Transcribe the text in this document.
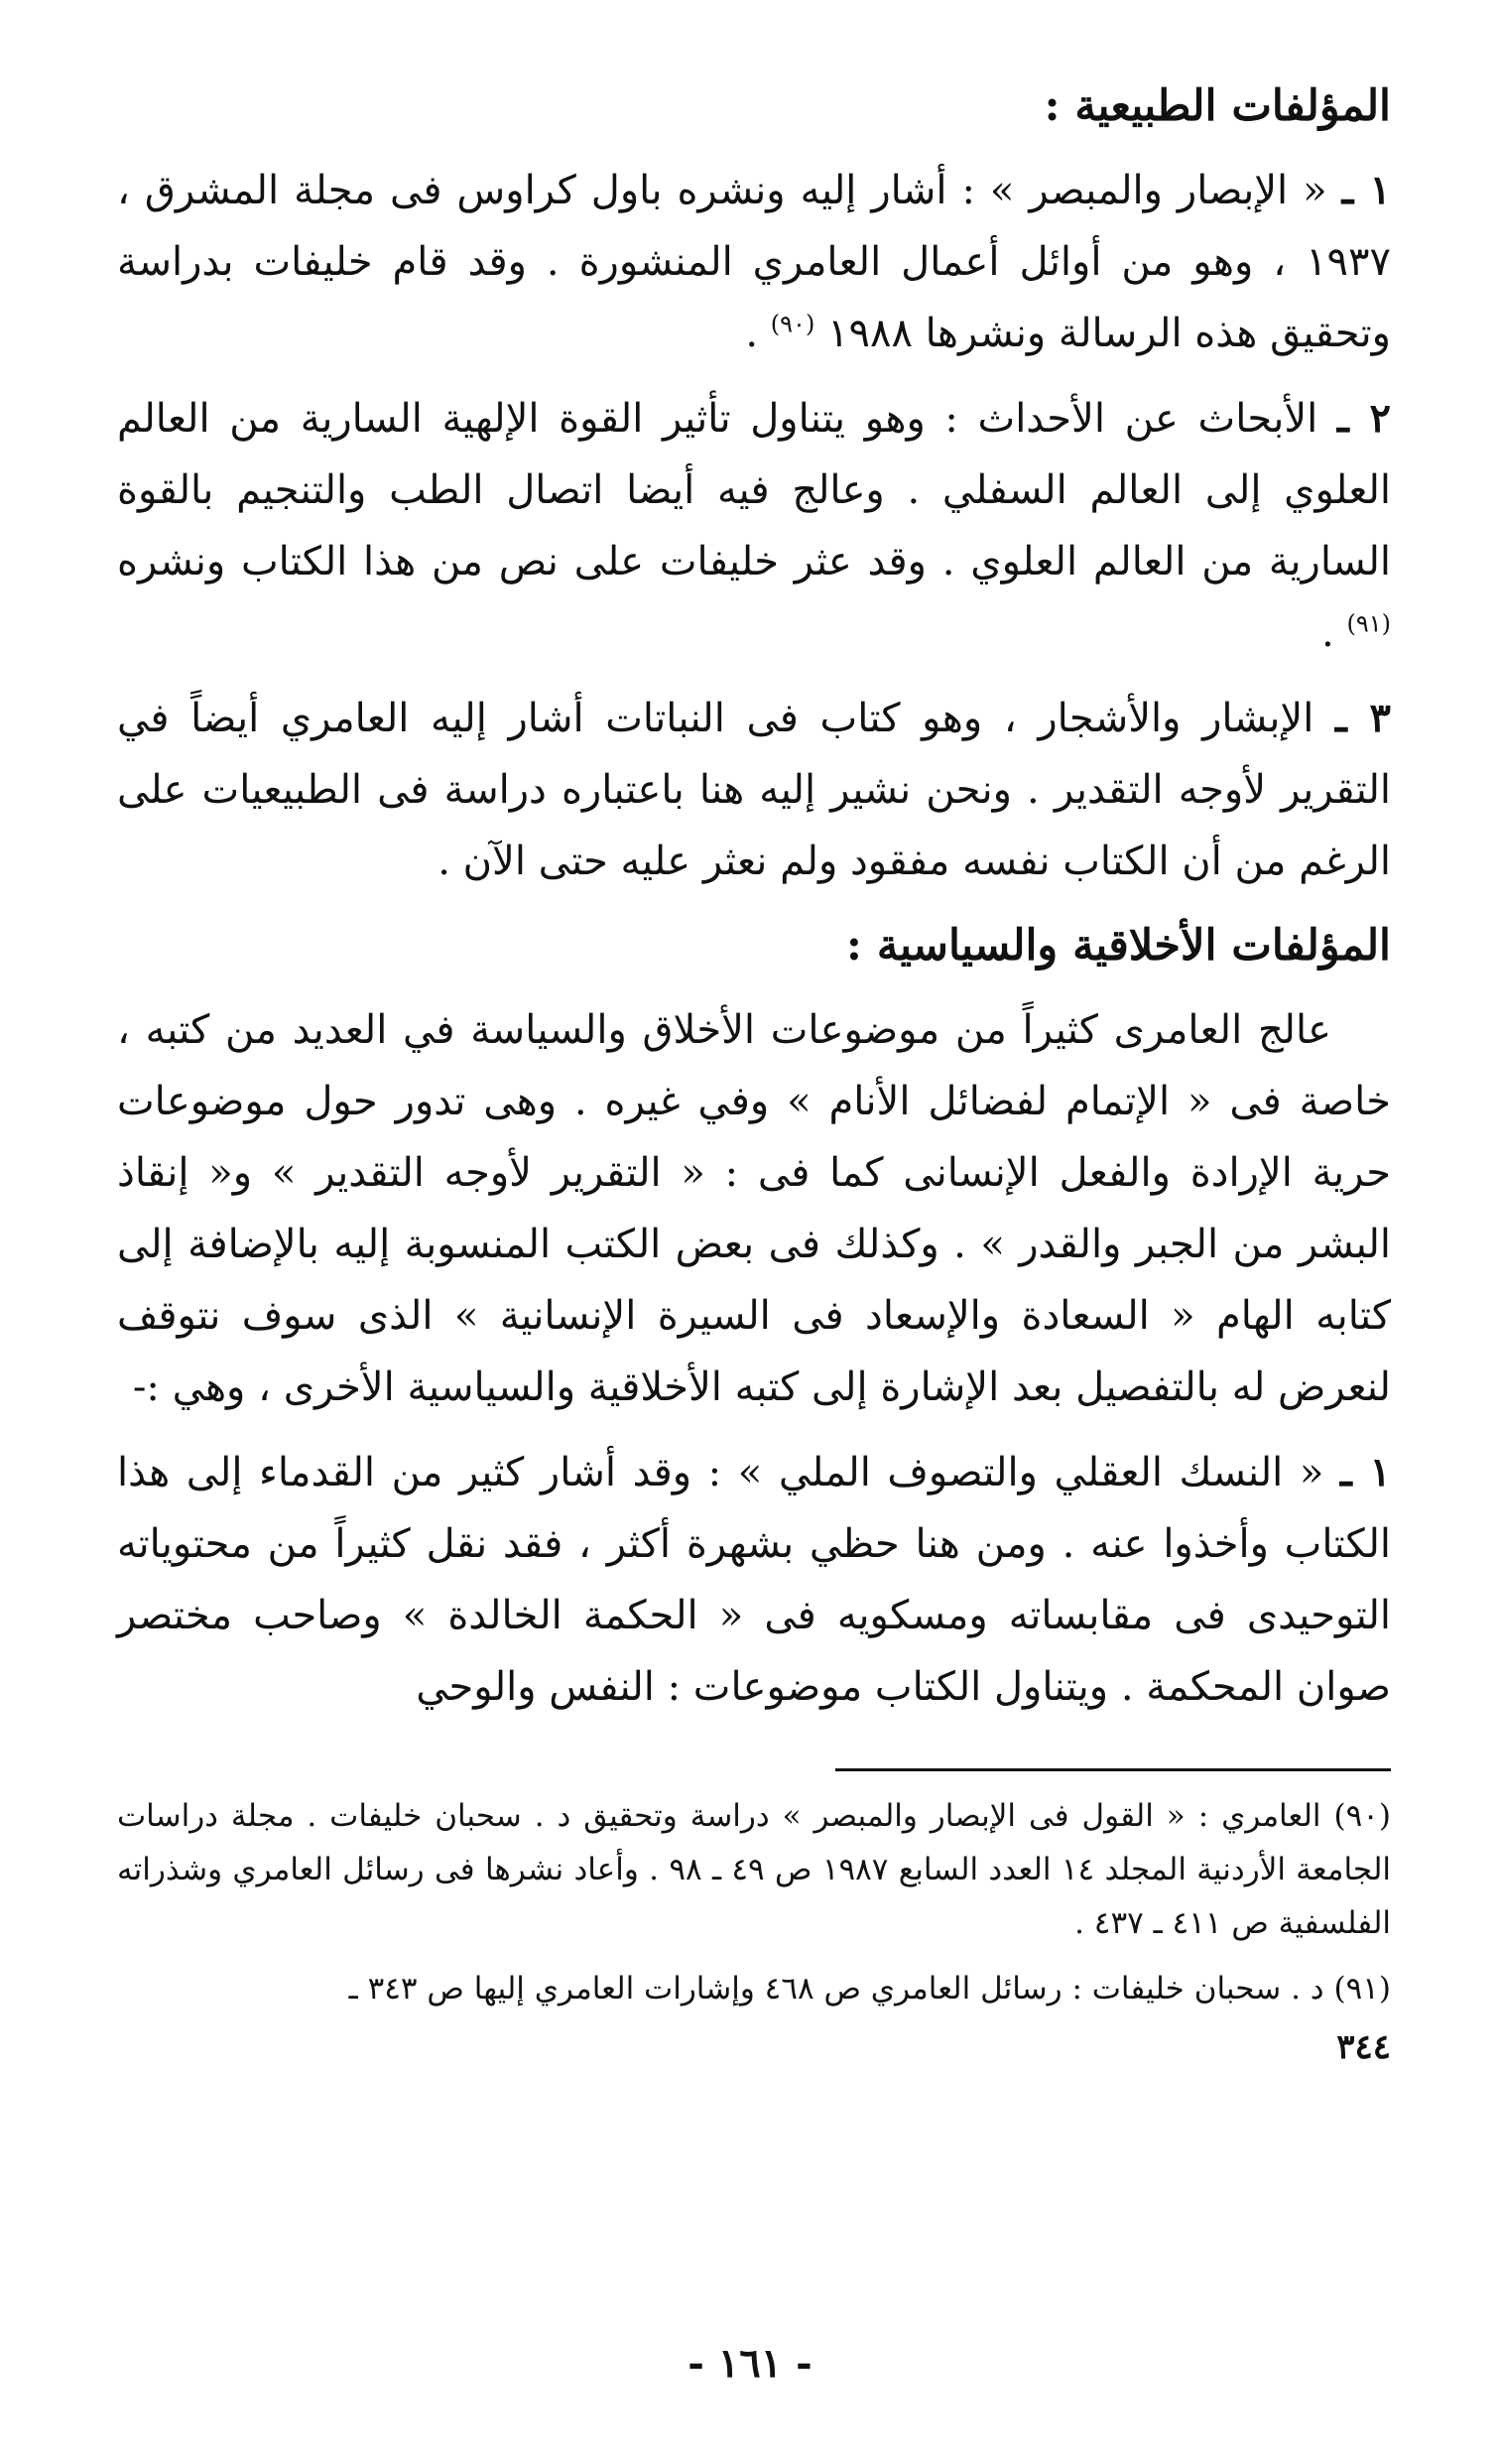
المؤلفات الطبيعية :

١ ـ « الإبصار والمبصر » : أشار إليه ونشره باول كراوس فى مجلة المشرق ، ١٩٣٧ ، وهو من أوائل أعمال العامري المنشورة . وقد قام خليفات بدراسة وتحقيق هذه الرسالة ونشرها ١٩٨٨ $^{(٩٠)}$ .

٢ ـ الأبحاث عن الأحداث : وهو يتناول تأثير القوة الإلهية السارية من العالم العلوي إلى العالم السفلي . وعالج فيه أيضا اتصال الطب والتنجيم بالقوة السارية من العالم العلوي . وقد عثر خليفات على نص من هذا الكتاب ونشره $^{(٩١)}$ .

٣ ـ الإبشار والأشجار ، وهو كتاب فى النباتات أشار إليه العامري أيضاً في التقرير لأوجه التقدير . ونحن نشير إليه هنا باعتباره دراسة فى الطبيعيات على الرغم من أن الكتاب نفسه مفقود ولم نعثر عليه حتى الآن .

المؤلفات الأخلاقية والسياسية :

عالج العامرى كثيراً من موضوعات الأخلاق والسياسة في العديد من كتبه ، خاصة فى « الإتمام لفضائل الأنام » وفي غيره . وهى تدور حول موضوعات حرية الإرادة والفعل الإنسانى كما فى : « التقرير لأوجه التقدير » و« إنقاذ البشر من الجبر والقدر » . وكذلك فى بعض الكتب المنسوبة إليه بالإضافة إلى كتابه الهام « السعادة والإسعاد فى السيرة الإنسانية » الذى سوف نتوقف لنعرض له بالتفصيل بعد الإشارة إلى كتبه الأخلاقية والسياسية الأخرى ، وهي :-

١ ـ « النسك العقلي والتصوف الملي » : وقد أشار كثير من القدماء إلى هذا الكتاب وأخذوا عنه . ومن هنا حظي بشهرة أكثر ، فقد نقل كثيراً من محتوياته التوحيدى فى مقابساته ومسكويه فى « الحكمة الخالدة » وصاحب مختصر صوان المحكمة . ويتناول الكتاب موضوعات : النفس والوحي

(٩٠) العامري : « القول فى الإبصار والمبصر » دراسة وتحقيق د . سحبان خليفات . مجلة دراسات الجامعة الأردنية المجلد ١٤ العدد السابع ١٩٨٧ ص ٤٩ ـ ٩٨ . وأعاد نشرها فى رسائل العامري وشذراته الفلسفية ص ٤١١ ـ ٤٣٧ .

(٩١) د . سحبان خليفات : رسائل العامري ص ٤٦٨ وإشارات العامري إليها ص ٣٤٣ ـ

٣٤٤
- ١٦١ -
